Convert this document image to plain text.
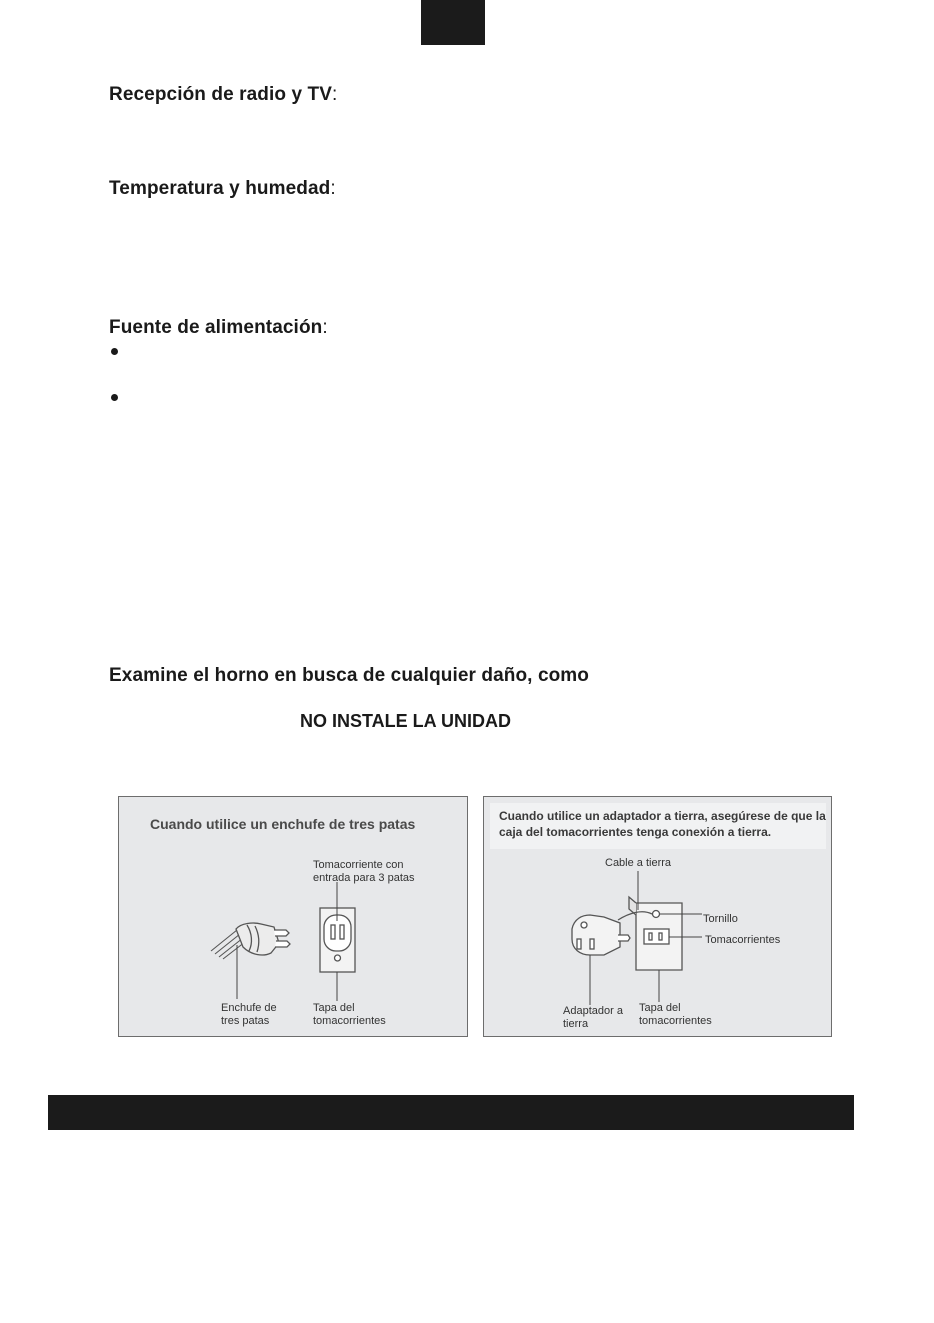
Recepción de radio y TV:
Temperatura y humedad:
Fuente de alimentación:
Examine el horno en busca de cualquier daño, como
NO INSTALE LA UNIDAD
Cuando utilice un enchufe de tres patas
Tomacorriente con entrada para 3 patas
Enchufe de tres patas
Tapa del tomacorrientes
Cuando utilice un adaptador a tierra, asegúrese de que la caja del tomacorrientes tenga conexión a tierra.
Cable a tierra
Tornillo
Tomacorrientes
Adaptador a tierra
Tapa del tomacorrientes
